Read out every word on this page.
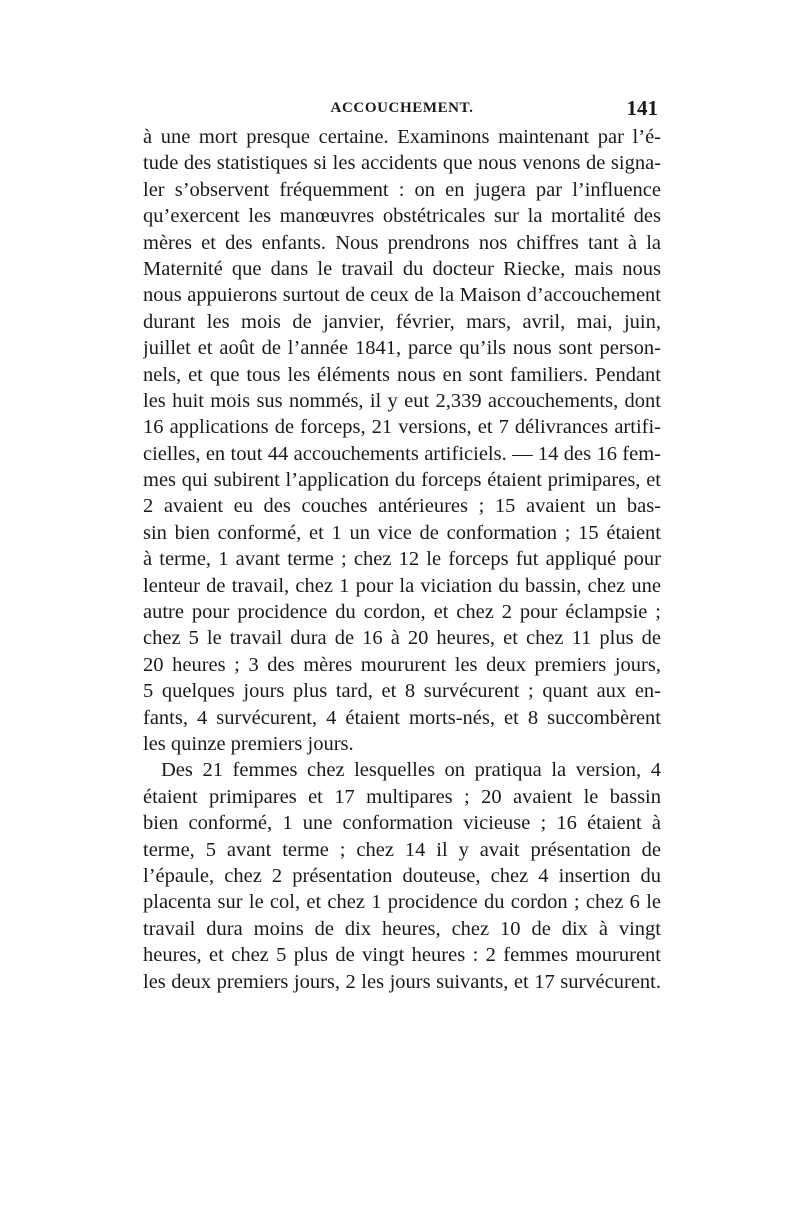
ACCOUCHEMENT.	141
à une mort presque certaine. Examinons maintenant par l’é-
tude des statistiques si les accidents que nous venons de signa-
ler s’observent fréquemment : on en jugera par l’influence
qu’exercent les manœuvres obstétricales sur la mortalité des
mères et des enfants. Nous prendrons nos chiffres tant à la
Maternité que dans le travail du docteur Riecke, mais nous
nous appuierons surtout de ceux de la Maison d’accouchement
durant les mois de janvier, février, mars, avril, mai, juin,
juillet et août de l’année 1841, parce qu’ils nous sont person-
nels, et que tous les éléments nous en sont familiers. Pendant
les huit mois sus nommés, il y eut 2,339 accouchements, dont
16 applications de forceps, 21 versions, et 7 délivrances artifi-
cielles, en tout 44 accouchements artificiels. — 14 des 16 fem-
mes qui subirent l’application du forceps étaient primipares, et
2 avaient eu des couches antérieures ; 15 avaient un bas-
sin bien conformé, et 1 un vice de conformation ; 15 étaient
à terme, 1 avant terme ; chez 12 le forceps fut appliqué pour
lenteur de travail, chez 1 pour la viciation du bassin, chez une
autre pour procidence du cordon, et chez 2 pour éclampsie ;
chez 5 le travail dura de 16 à 20 heures, et chez 11 plus de
20 heures ; 3 des mères moururent les deux premiers jours,
5 quelques jours plus tard, et 8 survécurent ; quant aux en-
fants, 4 survécurent, 4 étaient morts-nés, et 8 succombèrent
les quinze premiers jours.
Des 21 femmes chez lesquelles on pratiqua la version, 4
étaient primipares et 17 multipares ; 20 avaient le bassin
bien conformé, 1 une conformation vicieuse ; 16 étaient à
terme, 5 avant terme ; chez 14 il y avait présentation de
l’épaule, chez 2 présentation douteuse, chez 4 insertion du
placenta sur le col, et chez 1 procidence du cordon ; chez 6 le
travail dura moins de dix heures, chez 10 de dix à vingt
heures, et chez 5 plus de vingt heures : 2 femmes moururent
les deux premiers jours, 2 les jours suivants, et 17 survécurent.
